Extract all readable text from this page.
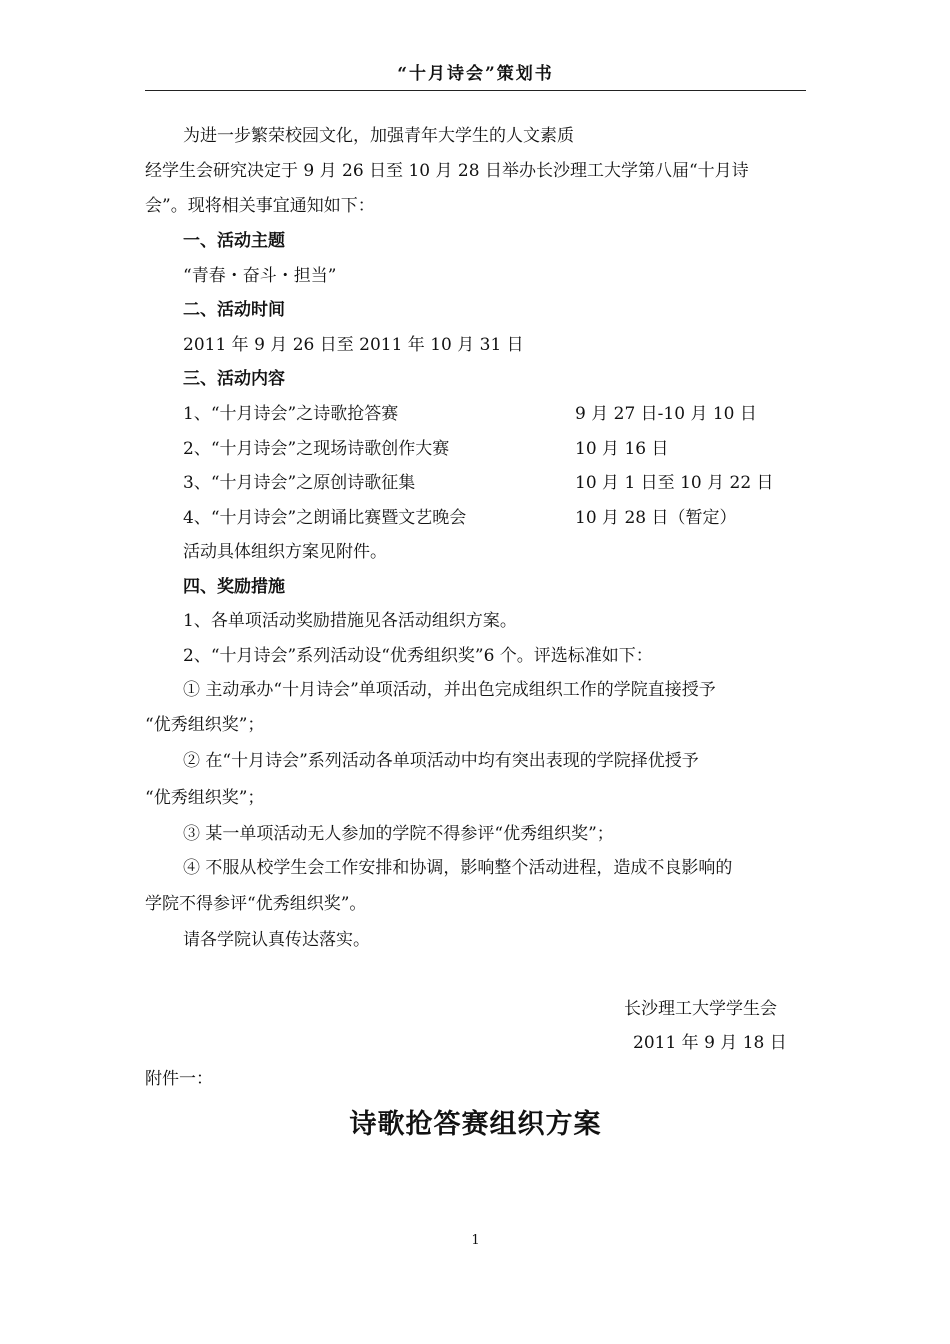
“十月诗会”策划书
为进一步繁荣校园文化，加强青年大学生的人文素质
经学生会研究决定于 9 月 26 日至 10 月 28 日举办长沙理工大学第八届“十月诗
会”。现将相关事宜通知如下：
一、活动主题
“青春・奋斗・担当”
二、活动时间
2011 年 9 月 26 日至 2011 年 10 月 31 日
三、活动内容
1、“十月诗会”之诗歌抢答赛	9 月 27 日-10 月 10 日
2、“十月诗会”之现场诗歌创作大赛	10 月 16 日
3、“十月诗会”之原创诗歌征集	10 月 1 日至 10 月 22 日
4、“十月诗会”之朗诵比赛暨文艺晚会	10 月 28 日（暂定）
活动具体组织方案见附件。
四、奖励措施
1、各单项活动奖励措施见各活动组织方案。
2、“十月诗会”系列活动设“优秀组织奖”6 个。评选标准如下：
① 主动承办“十月诗会”单项活动，并出色完成组织工作的学院直接授予
“优秀组织奖”；
② 在“十月诗会”系列活动各单项活动中均有突出表现的学院择优授予
“优秀组织奖”；
③ 某一单项活动无人参加的学院不得参评“优秀组织奖”；
④ 不服从校学生会工作安排和协调，影响整个活动进程，造成不良影响的
学院不得参评“优秀组织奖”。
请各学院认真传达落实。
长沙理工大学学生会
2011 年 9 月 18 日
附件一：
诗歌抢答赛组织方案
1
